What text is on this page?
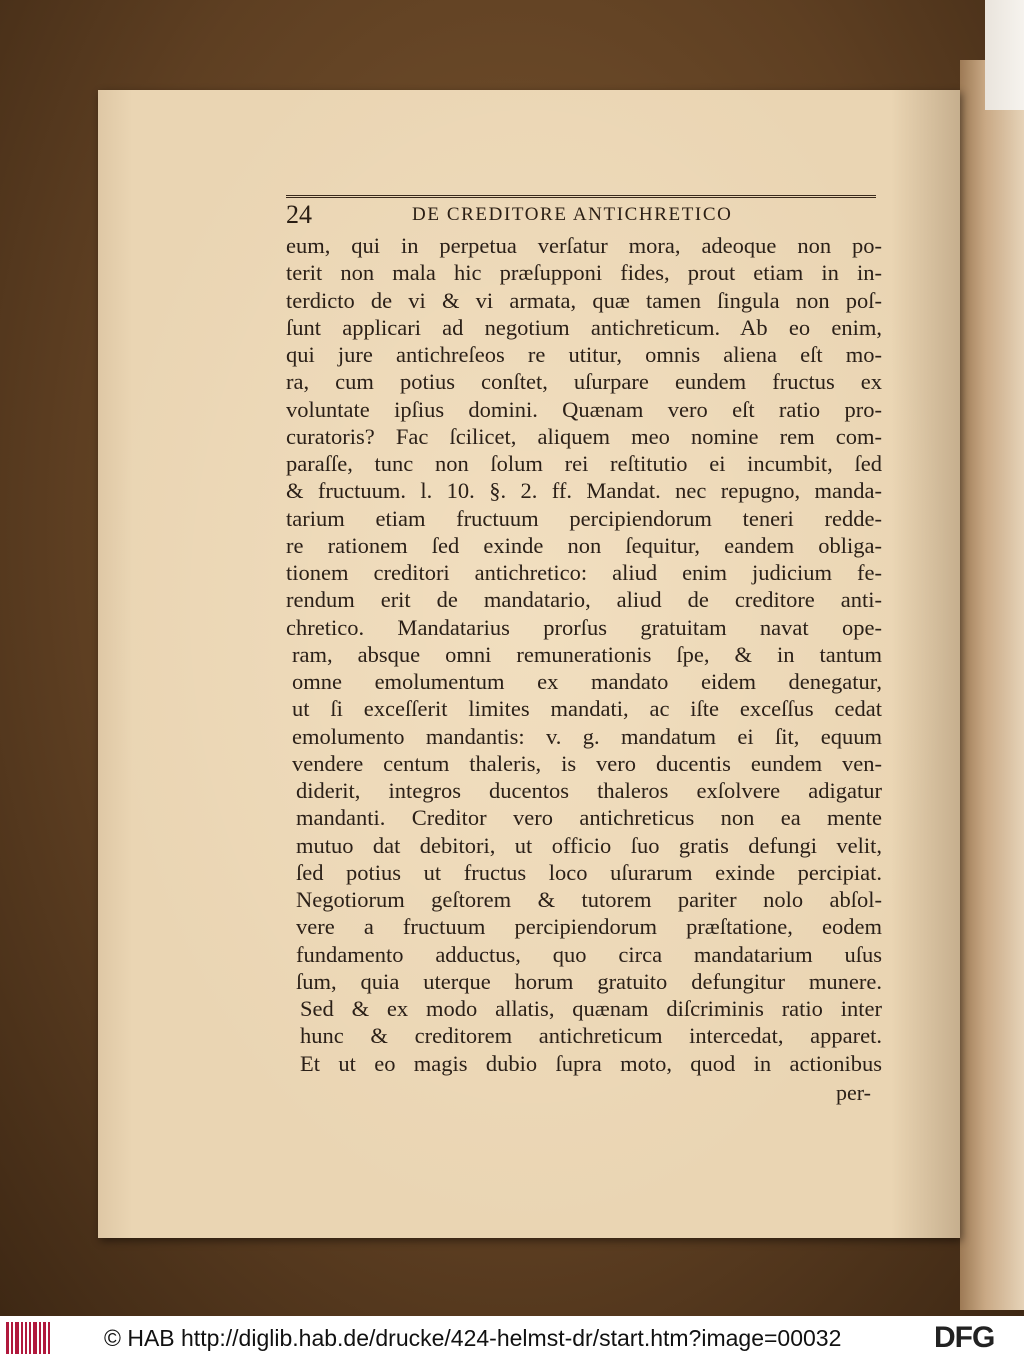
24	DE CREDITORE ANTICHRETICO
eum, qui in perpetua verſatur mora, adeoque non po-
terit non mala hic præſupponi fides, prout etiam in in-
terdicto de vi & vi armata, quæ tamen ſingula non poſ-
ſunt applicari ad negotium antichreticum. Ab eo enim,
qui jure antichreſeos re utitur, omnis aliena eſt mo-
ra, cum potius conſtet, uſurpare eundem fructus ex
voluntate ipſius domini. Quænam vero eſt ratio pro-
curatoris? Fac ſcilicet, aliquem meo nomine rem com-
paraſſe, tunc non ſolum rei reſtitutio ei incumbit, ſed
& fructuum. l. 10. §. 2. ff. Mandat. nec repugno, manda-
tarium etiam fructuum percipiendorum teneri redde-
re rationem ſed exinde non ſequitur, eandem obliga-
tionem creditori antichretico: aliud enim judicium fe-
rendum erit de mandatario, aliud de creditore anti-
chretico. Mandatarius prorſus gratuitam navat ope-
ram, absque omni remunerationis ſpe, & in tantum
omne emolumentum ex mandato eidem denegatur,
ut ſi exceſſerit limites mandati, ac iſte exceſſus cedat
emolumento mandantis: v. g. mandatum ei ſit, equum
vendere centum thaleris, is vero ducentis eundem ven-
diderit, integros ducentos thaleros exſolvere adigatur
mandanti. Creditor vero antichreticus non ea mente
mutuo dat debitori, ut officio ſuo gratis defungi velit,
ſed potius ut fructus loco uſurarum exinde percipiat.
Negotiorum geſtorem & tutorem pariter nolo abſol-
vere a fructuum percipiendorum præſtatione, eodem
fundamento adductus, quo circa mandatarium uſus
ſum, quia uterque horum gratuito defungitur munere.
Sed & ex modo allatis, quænam diſcriminis ratio inter
hunc & creditorem antichreticum intercedat, apparet.
Et ut eo magis dubio ſupra moto, quod in actionibus
per-
© HAB http://diglib.hab.de/drucke/424-helmst-dr/start.htm?image=00032	DFG
